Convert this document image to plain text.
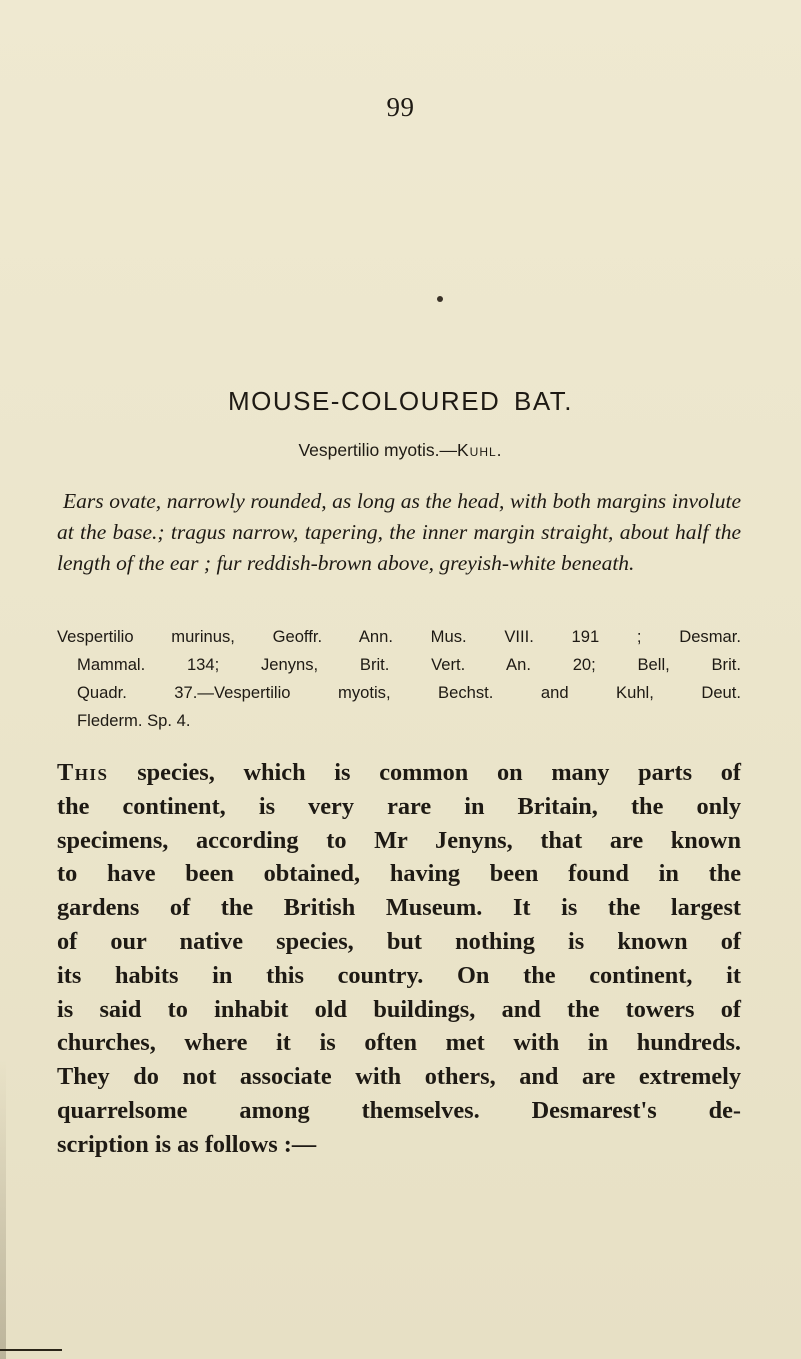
99
MOUSE-COLOURED BAT.
Vespertilio myotis.—Kuhl.
Ears ovate, narrowly rounded, as long as the head, with both margins involute at the base.; tragus narrow, tapering, the inner margin straight, about half the length of the ear ; fur reddish-brown above, greyish-white beneath.
Vespertilio murinus, Geoffr. Ann. Mus. VIII. 191 ; Desmar.
Mammal. 134; Jenyns, Brit. Vert. An. 20; Bell, Brit.
Quadr. 37.—Vespertilio myotis, Bechst. and Kuhl, Deut.
Flederm. Sp. 4.
This species, which is common on many parts of
the continent, is very rare in Britain, the only
specimens, according to Mr Jenyns, that are known
to have been obtained, having been found in the
gardens of the British Museum. It is the largest
of our native species, but nothing is known of
its habits in this country. On the continent, it
is said to inhabit old buildings, and the towers of
churches, where it is often met with in hundreds.
They do not associate with others, and are extremely
quarrelsome among themselves. Desmarest's de-
scription is as follows :—
